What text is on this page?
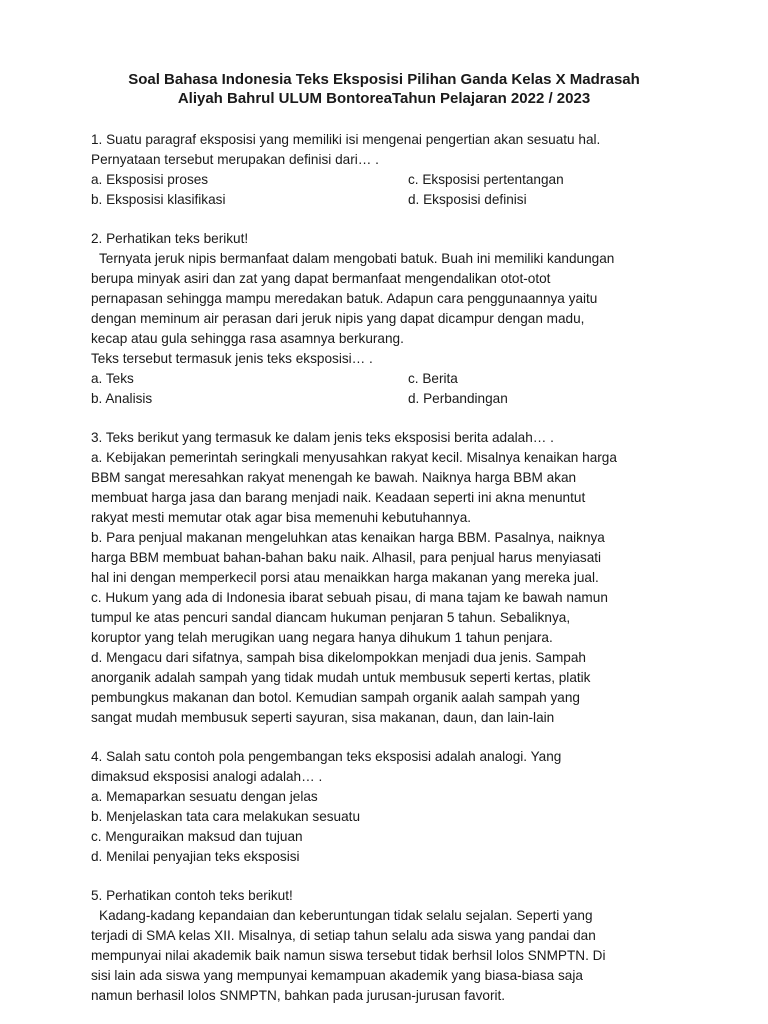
Soal Bahasa Indonesia Teks Eksposisi Pilihan Ganda Kelas X Madrasah
Aliyah Bahrul ULUM BontoreaTahun Pelajaran 2022 / 2023
1. Suatu paragraf eksposisi yang memiliki isi mengenai pengertian akan sesuatu hal.
Pernyataan tersebut merupakan definisi dari… .
a. Eksposisi proses	c. Eksposisi pertentangan
b. Eksposisi klasifikasi	d. Eksposisi definisi
2. Perhatikan teks berikut!
Ternyata jeruk nipis bermanfaat dalam mengobati batuk. Buah ini memiliki kandungan
berupa minyak asiri dan zat yang dapat bermanfaat mengendalikan otot-otot
pernapasan sehingga mampu meredakan batuk. Adapun cara penggunaannya yaitu
dengan meminum air perasan dari jeruk nipis yang dapat dicampur dengan madu,
kecap atau gula sehingga rasa asamnya berkurang.
Teks tersebut termasuk jenis teks eksposisi… .
a. Teks	c. Berita
b. Analisis	d. Perbandingan
3. Teks berikut yang termasuk ke dalam jenis teks eksposisi berita adalah… .
a. Kebijakan pemerintah seringkali menyusahkan rakyat kecil. Misalnya kenaikan harga
BBM sangat meresahkan rakyat menengah ke bawah. Naiknya harga BBM akan
membuat harga jasa dan barang menjadi naik. Keadaan seperti ini akna menuntut
rakyat mesti memutar otak agar bisa memenuhi kebutuhannya.
b. Para penjual makanan mengeluhkan atas kenaikan harga BBM. Pasalnya, naiknya
harga BBM membuat bahan-bahan baku naik. Alhasil, para penjual harus menyiasati
hal ini dengan memperkecil porsi atau menaikkan harga makanan yang mereka jual.
c. Hukum yang ada di Indonesia ibarat sebuah pisau, di mana tajam ke bawah namun
tumpul ke atas pencuri sandal diancam hukuman penjaran 5 tahun. Sebaliknya,
koruptor yang telah merugikan uang negara hanya dihukum 1 tahun penjara.
d. Mengacu dari sifatnya, sampah bisa dikelompokkan menjadi dua jenis. Sampah
anorganik adalah sampah yang tidak mudah untuk membusuk seperti kertas, platik
pembungkus makanan dan botol. Kemudian sampah organik aalah sampah yang
sangat mudah membusuk seperti sayuran, sisa makanan, daun, dan lain-lain
4. Salah satu contoh pola pengembangan teks eksposisi adalah analogi. Yang
dimaksud eksposisi analogi adalah… .
a. Memaparkan sesuatu dengan jelas
b. Menjelaskan tata cara melakukan sesuatu
c. Menguraikan maksud dan tujuan
d. Menilai penyajian teks eksposisi
5. Perhatikan contoh teks berikut!
Kadang-kadang kepandaian dan keberuntungan tidak selalu sejalan. Seperti yang
terjadi di SMA kelas XII. Misalnya, di setiap tahun selalu ada siswa yang pandai dan
mempunyai nilai akademik baik namun siswa tersebut tidak berhsil lolos SNMPTN. Di
sisi lain ada siswa yang mempunyai kemampuan akademik yang biasa-biasa saja
namun berhasil lolos SNMPTN, bahkan pada jurusan-jurusan favorit.
